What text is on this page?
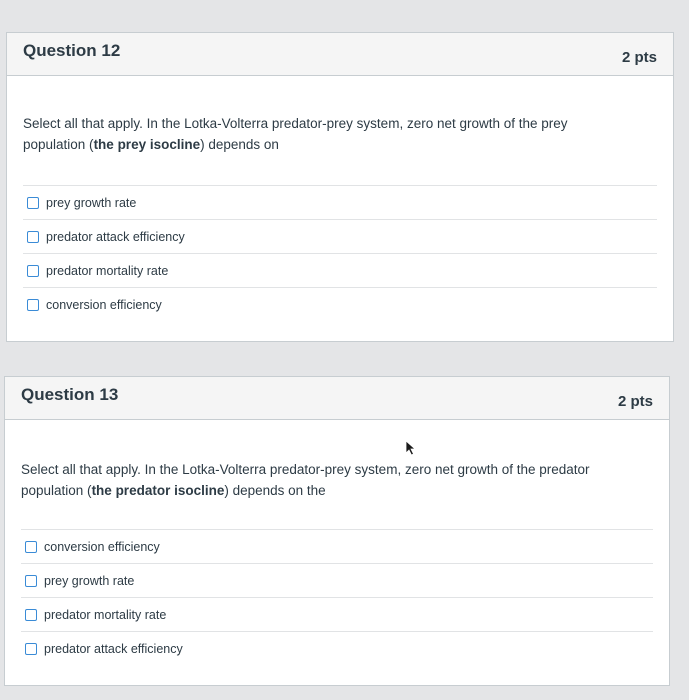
Question 12	2 pts
Select all that apply. In the Lotka-Volterra predator-prey system, zero net growth of the prey population (the prey isocline) depends on
prey growth rate
predator attack efficiency
predator mortality rate
conversion efficiency
Question 13	2 pts
Select all that apply. In the Lotka-Volterra predator-prey system, zero net growth of the predator population (the predator isocline) depends on the
conversion efficiency
prey growth rate
predator mortality rate
predator attack efficiency
